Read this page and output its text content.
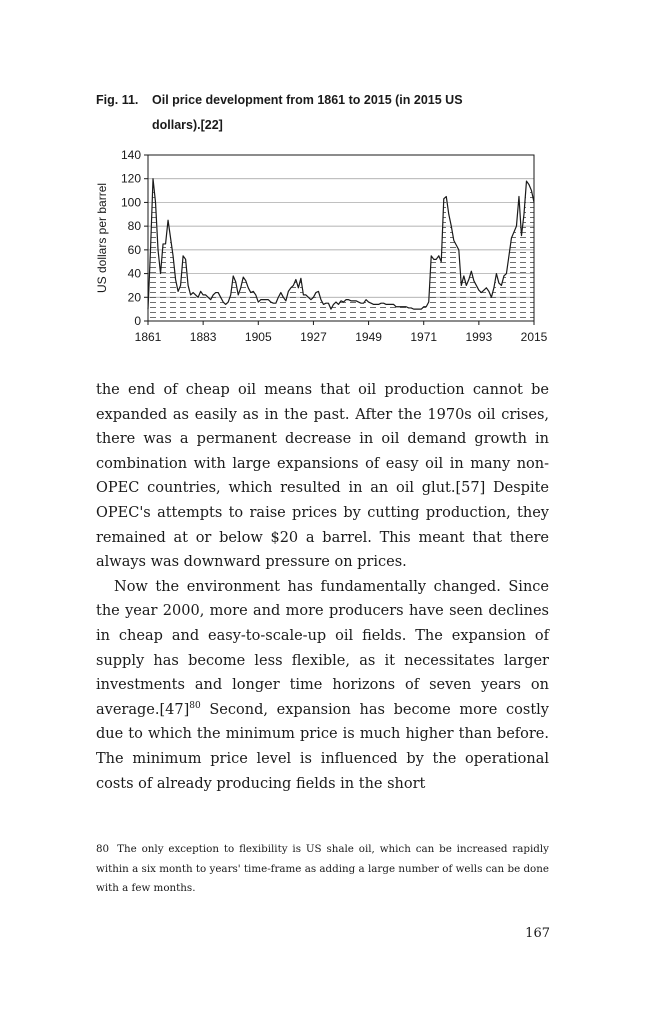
Fig. 11. Oil price development from 1861 to 2015 (in 2015 US dollars).[22]
0
20
40
60
80
100
120
140
1861 1883 1905 1927 1949 1971 1993 2015
US dollars per barrel

the end of cheap oil means that oil production cannot be expanded as easily as in the past. After the 1970s oil crises, there was a permanent decrease in oil demand growth in combination with large expansions of easy oil in many non-OPEC countries, which resulted in an oil glut.[57] Despite OPEC's attempts to raise prices by cutting production, they remained at or below $20 a barrel. This meant that there always was downward pressure on prices.

Now the environment has fundamentally changed. Since the year 2000, more and more producers have seen declines in cheap and easy-to-scale-up oil fields. The expansion of supply has become less flexible, as it necessitates larger investments and longer time horizons of seven years on $average.[47]^{80}$ Second, expansion has become more costly due to which the minimum price is much higher than before. The minimum price level is influenced by the operational costs of already producing fields in the short

80 The only exception to flexibility is US shale oil, which can be increased rapidly within a six month to years' time-frame as adding a large number of wells can be done with a few months.
167
